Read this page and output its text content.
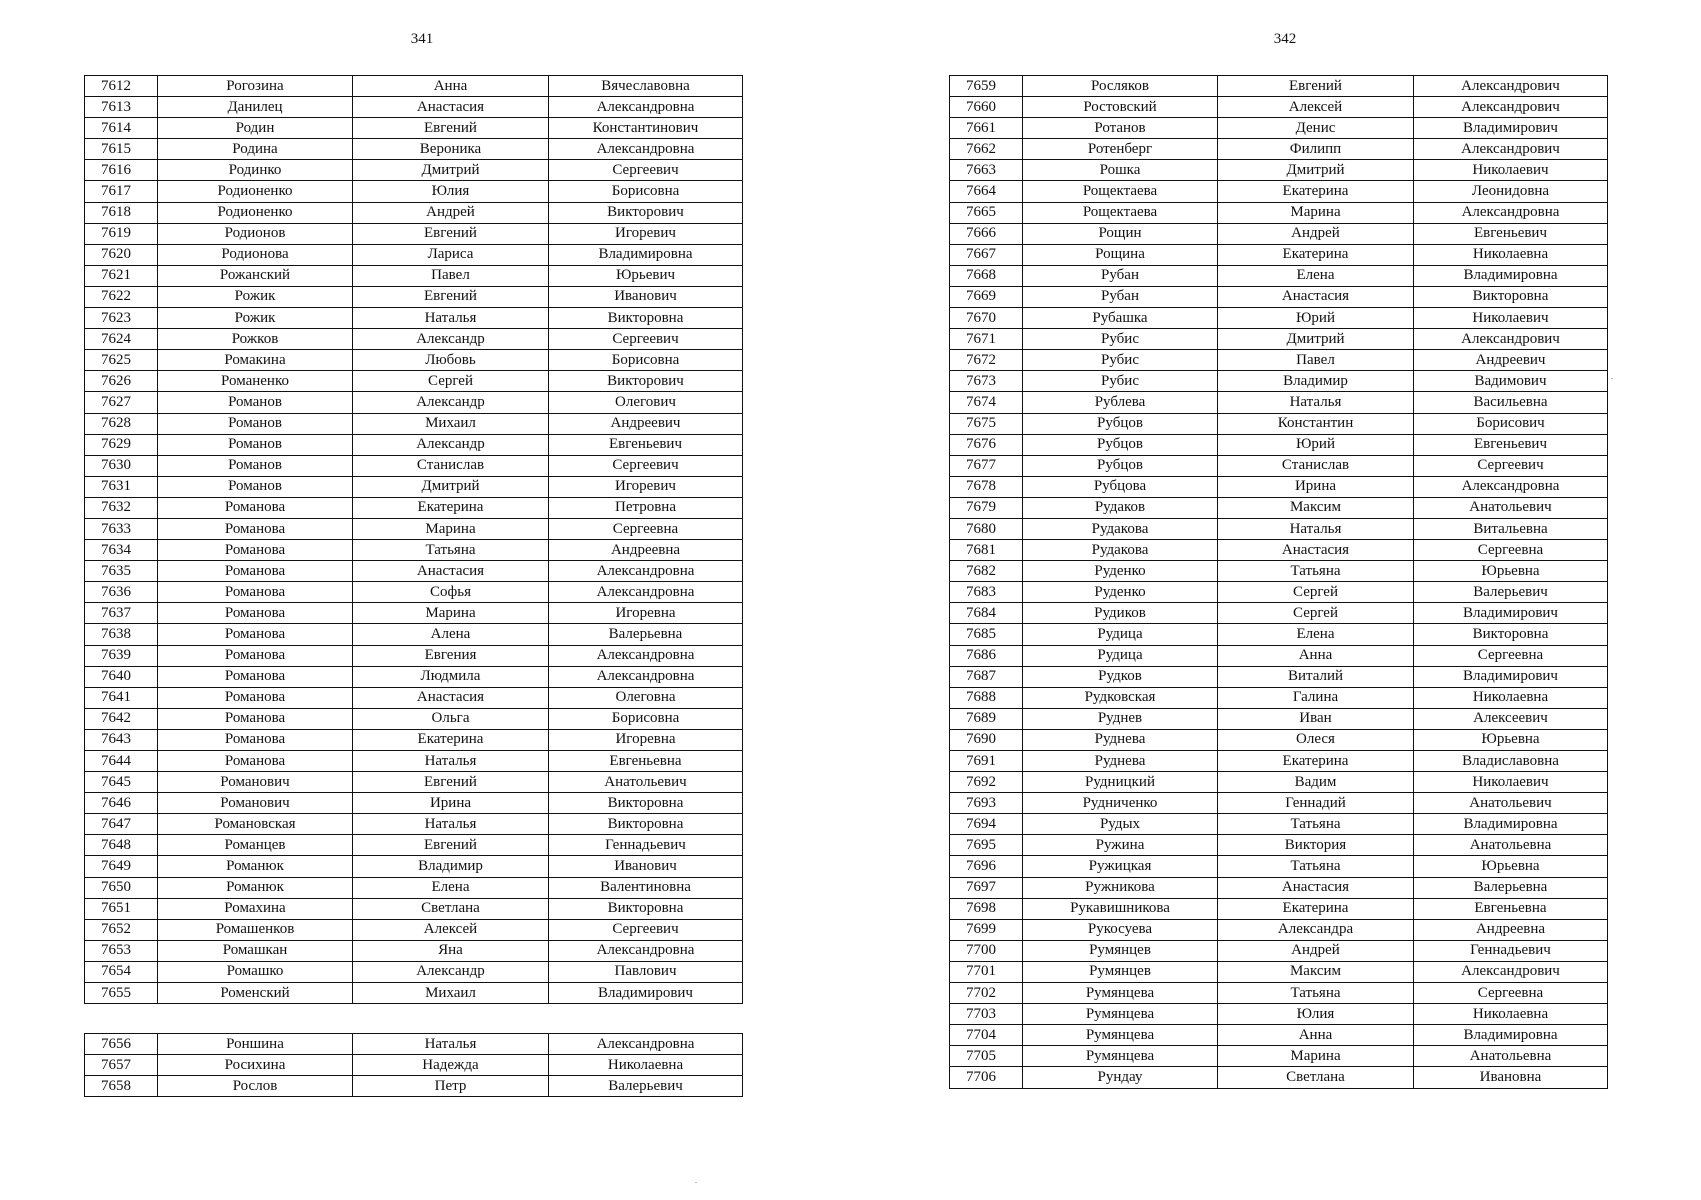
341	342
7612	Рогозина	Анна	Вячеславовна
7613	Данилец	Анастасия	Александровна
7614	Родин	Евгений	Константинович
7615	Родина	Вероника	Александровна
7616	Родинко	Дмитрий	Сергеевич
7617	Родионенко	Юлия	Борисовна
7618	Родионенко	Андрей	Викторович
7619	Родионов	Евгений	Игоревич
7620	Родионова	Лариса	Владимировна
7621	Рожанский	Павел	Юрьевич
7622	Рожик	Евгений	Иванович
7623	Рожик	Наталья	Викторовна
7624	Рожков	Александр	Сергеевич
7625	Ромакина	Любовь	Борисовна
7626	Романенко	Сергей	Викторович
7627	Романов	Александр	Олегович
7628	Романов	Михаил	Андреевич
7629	Романов	Александр	Евгеньевич
7630	Романов	Станислав	Сергеевич
7631	Романов	Дмитрий	Игоревич
7632	Романова	Екатерина	Петровна
7633	Романова	Марина	Сергеевна
7634	Романова	Татьяна	Андреевна
7635	Романова	Анастасия	Александровна
7636	Романова	Софья	Александровна
7637	Романова	Марина	Игоревна
7638	Романова	Алена	Валерьевна
7639	Романова	Евгения	Александровна
7640	Романова	Людмила	Александровна
7641	Романова	Анастасия	Олеговна
7642	Романова	Ольга	Борисовна
7643	Романова	Екатерина	Игоревна
7644	Романова	Наталья	Евгеньевна
7645	Романович	Евгений	Анатольевич
7646	Романович	Ирина	Викторовна
7647	Романовская	Наталья	Викторовна
7648	Романцев	Евгений	Геннадьевич
7649	Романюк	Владимир	Иванович
7650	Романюк	Елена	Валентиновна
7651	Ромахина	Светлана	Викторовна
7652	Ромашенков	Алексей	Сергеевич
7653	Ромашкан	Яна	Александровна
7654	Ромашко	Александр	Павлович
7655	Роменский	Михаил	Владимирович
7656	Роншина	Наталья	Александровна
7657	Росихина	Надежда	Николаевна
7658	Рослов	Петр	Валерьевич
7659	Росляков	Евгений	Александрович
7660	Ростовский	Алексей	Александрович
7661	Ротанов	Денис	Владимирович
7662	Ротенберг	Филипп	Александрович
7663	Рошка	Дмитрий	Николаевич
7664	Рощектаева	Екатерина	Леонидовна
7665	Рощектаева	Марина	Александровна
7666	Рощин	Андрей	Евгеньевич
7667	Рощина	Екатерина	Николаевна
7668	Рубан	Елена	Владимировна
7669	Рубан	Анастасия	Викторовна
7670	Рубашка	Юрий	Николаевич
7671	Рубис	Дмитрий	Александрович
7672	Рубис	Павел	Андреевич
7673	Рубис	Владимир	Вадимович
7674	Рублева	Наталья	Васильевна
7675	Рубцов	Константин	Борисович
7676	Рубцов	Юрий	Евгеньевич
7677	Рубцов	Станислав	Сергеевич
7678	Рубцова	Ирина	Александровна
7679	Рудаков	Максим	Анатольевич
7680	Рудакова	Наталья	Витальевна
7681	Рудакова	Анастасия	Сергеевна
7682	Руденко	Татьяна	Юрьевна
7683	Руденко	Сергей	Валерьевич
7684	Рудиков	Сергей	Владимирович
7685	Рудица	Елена	Викторовна
7686	Рудица	Анна	Сергеевна
7687	Рудков	Виталий	Владимирович
7688	Рудковская	Галина	Николаевна
7689	Руднев	Иван	Алексеевич
7690	Руднева	Олеся	Юрьевна
7691	Руднева	Екатерина	Владиславовна
7692	Рудницкий	Вадим	Николаевич
7693	Рудниченко	Геннадий	Анатольевич
7694	Рудых	Татьяна	Владимировна
7695	Ружина	Виктория	Анатольевна
7696	Ружицкая	Татьяна	Юрьевна
7697	Ружникова	Анастасия	Валерьевна
7698	Рукавишникова	Екатерина	Евгеньевна
7699	Рукосуева	Александра	Андреевна
7700	Румянцев	Андрей	Геннадьевич
7701	Румянцев	Максим	Александрович
7702	Румянцева	Татьяна	Сергеевна
7703	Румянцева	Юлия	Николаевна
7704	Румянцева	Анна	Владимировна
7705	Румянцева	Марина	Анатольевна
7706	Рундау	Светлана	Ивановна
